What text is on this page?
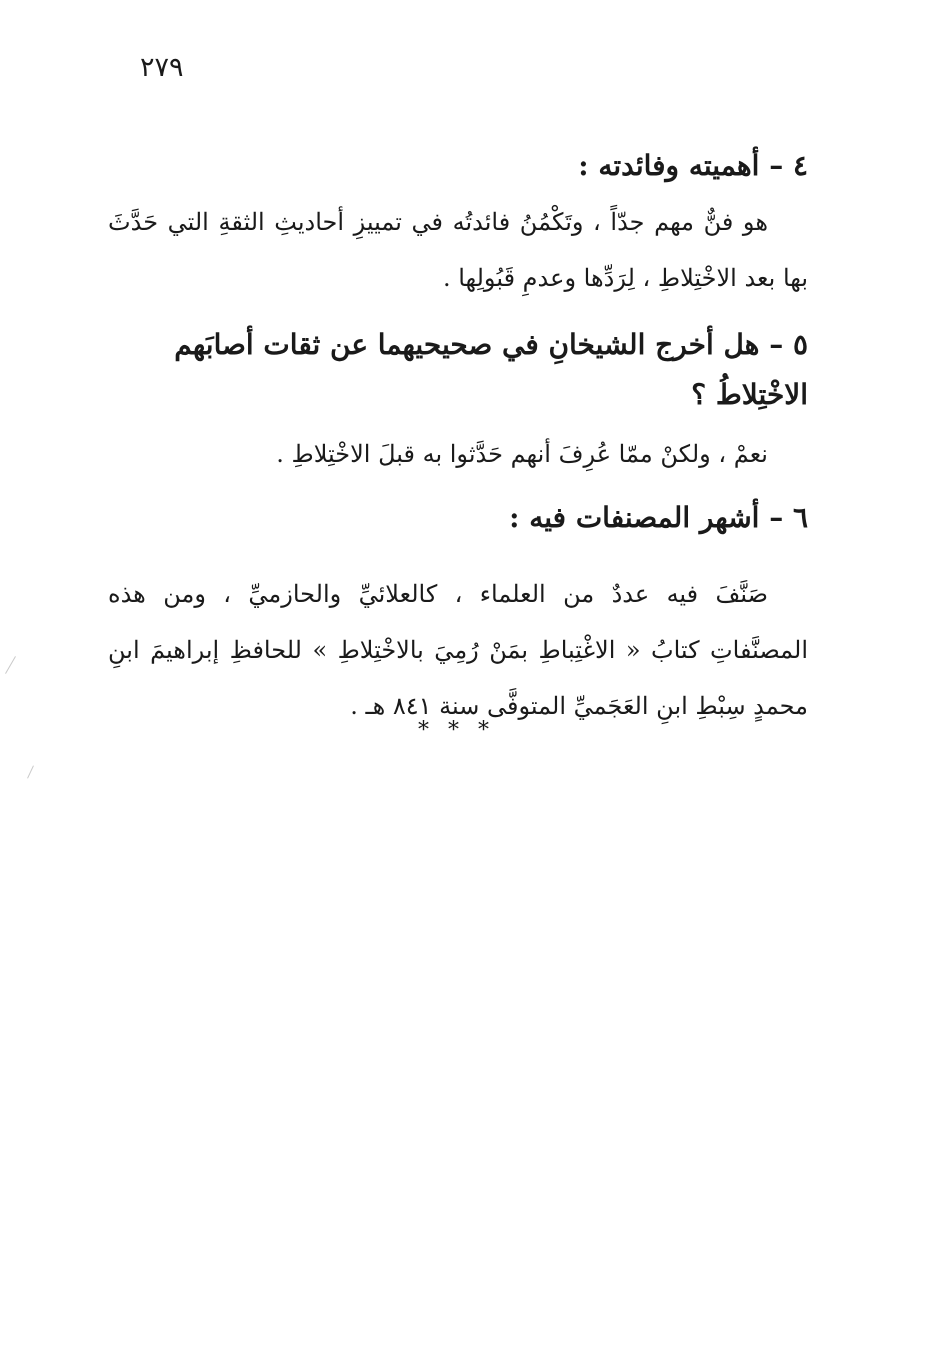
٢٧٩
٤ – أهميته وفائدته :

هو فنٌّ مهم جدّاً ، وتَكْمُنُ فائدتُه في تمييزِ أحاديثِ الثقةِ التي حَدَّثَ بها بعد الاخْتِلاطِ ، لِرَدِّها وعدمِ قَبُولِها .

٥ – هل أخرج الشيخانِ في صحيحيهما عن ثقات أصابَهم الاخْتِلاطُ ؟

نعمْ ، ولكنْ ممّا عُرِفَ أنهم حَدَّثوا به قبلَ الاخْتِلاطِ .

٦ – أشهر المصنفات فيه :

صَنَّفَ فيه عددٌ من العلماء ، كالعلائيِّ والحازميِّ ، ومن هذه المصنَّفاتِ كتابُ « الاغْتِباطِ بمَنْ رُمِيَ بالاخْتِلاطِ » للحافظِ إبراهيمَ ابنِ محمدٍ سِبْطِ ابنِ العَجَميِّ المتوفَّى سنة ٨٤١ هـ .

* * *
